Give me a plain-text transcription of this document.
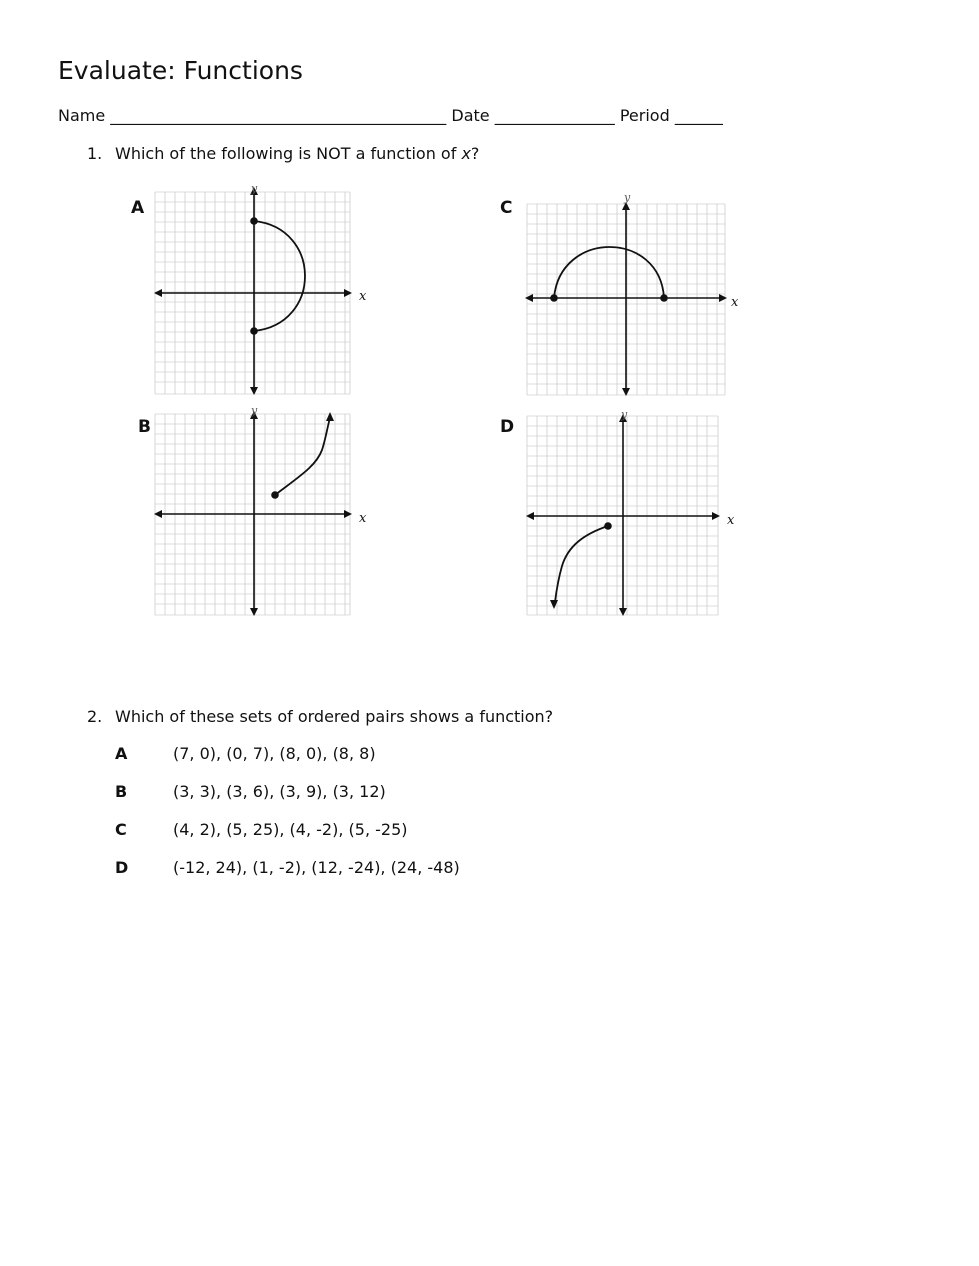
Evaluate: Functions
Name __________________________________________ Date _______________ Period ______
1. Which of the following is NOT a function of x?
A
x
y
C
x
y
B
x
y
D
x
y
2. Which of these sets of ordered pairs shows a function?
A	(7, 0), (0, 7), (8, 0), (8, 8)
B	(3, 3), (3, 6), (3, 9), (3, 12)
C	(4, 2), (5, 25), (4, -2), (5, -25)
D	(-12, 24), (1, -2), (12, -24), (24, -48)
